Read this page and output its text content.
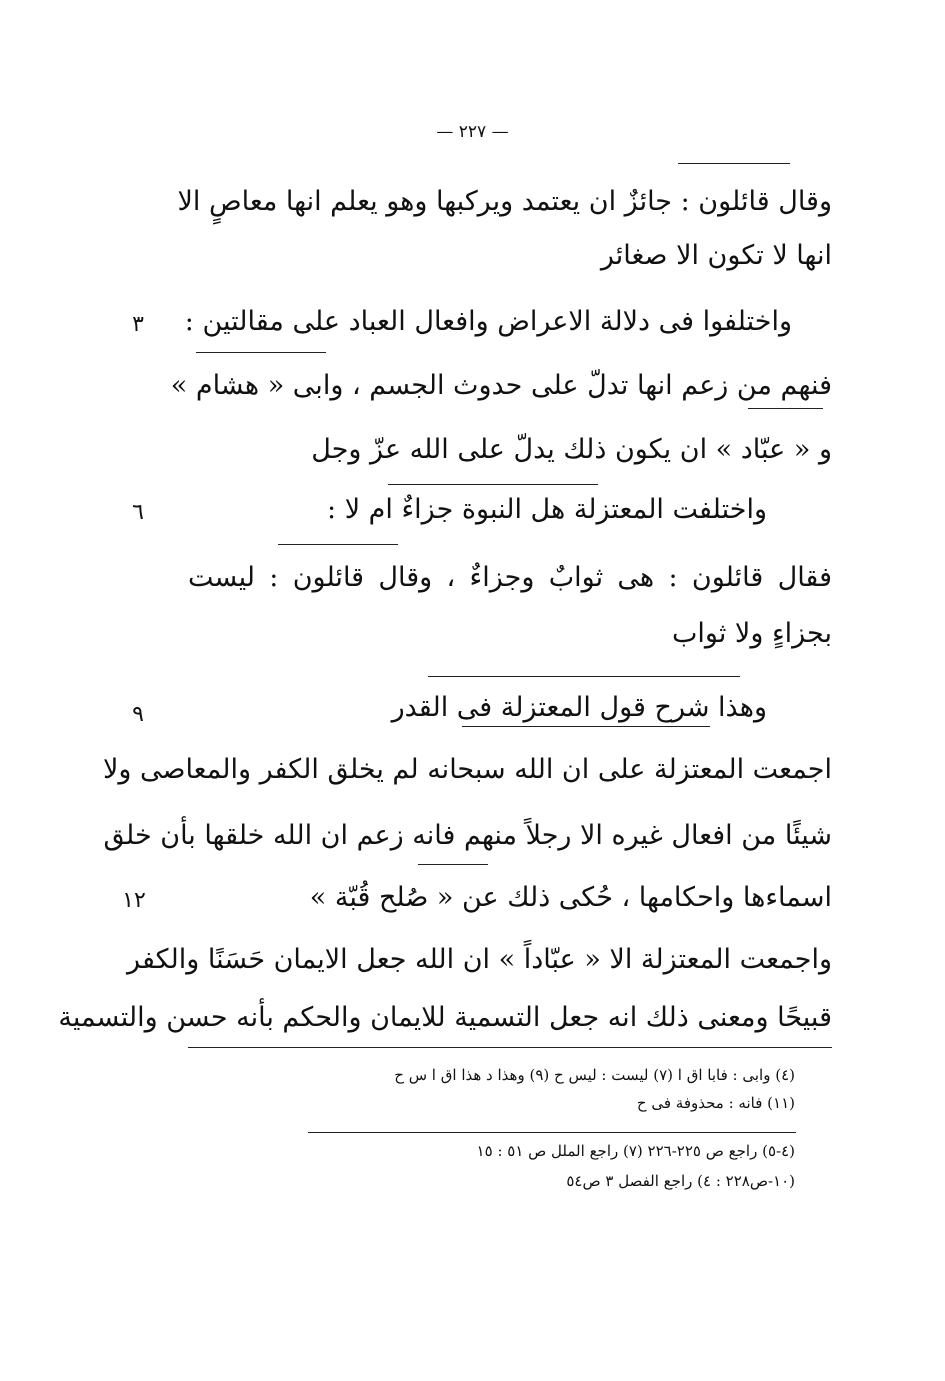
— ٢٢٧ —
وقال قائلون : جائزٌ ان يعتمد ويركبها وهو يعلم انها معاصٍ الا
انها لا تكون الا صغائر
واختلفوا فى دلالة الاعراض وافعال العباد على مقالتين :
فنهم من زعم انها تدلّ على حدوث الجسم ، وابى « هشام »
و « عبّاد » ان يكون ذلك يدلّ على الله عزّ وجل
واختلفت المعتزلة هل النبوة جزاءٌ ام لا :
فقال قائلون : هى ثوابٌ وجزاءٌ ، وقال قائلون : ليست
بجزاءٍ ولا ثواب
وهذا شرح قول المعتزلة فى القدر
اجمعت المعتزلة على ان الله سبحانه لم يخلق الكفر والمعاصى ولا
شيئًا من افعال غيره الا رجلاً منهم فانه زعم ان الله خلقها بأن خلق
اسماءها واحكامها ، حُكى ذلك عن « صُلح قُبّة »
واجمعت المعتزلة الا « عبّاداً » ان الله جعل الايمان حَسَنًا والكفر
قبيحًا ومعنى ذلك انه جعل التسمية للايمان والحكم بأنه حسن والتسمية
٣
٦
٩
١٢
(٤) وابى : فابا اق ا (٧) ليست : ليس ح (٩) وهذا د هذا اق ا س ح
(١١) فانه : محذوفة فى ح
(٤-٥) راجع ص ٢٢٥-٢٢٦ (٧) راجع الملل ص ٥١ : ١٥
(١٠-ص٢٢٨ : ٤) راجع الفصل ٣ ص٥٤
